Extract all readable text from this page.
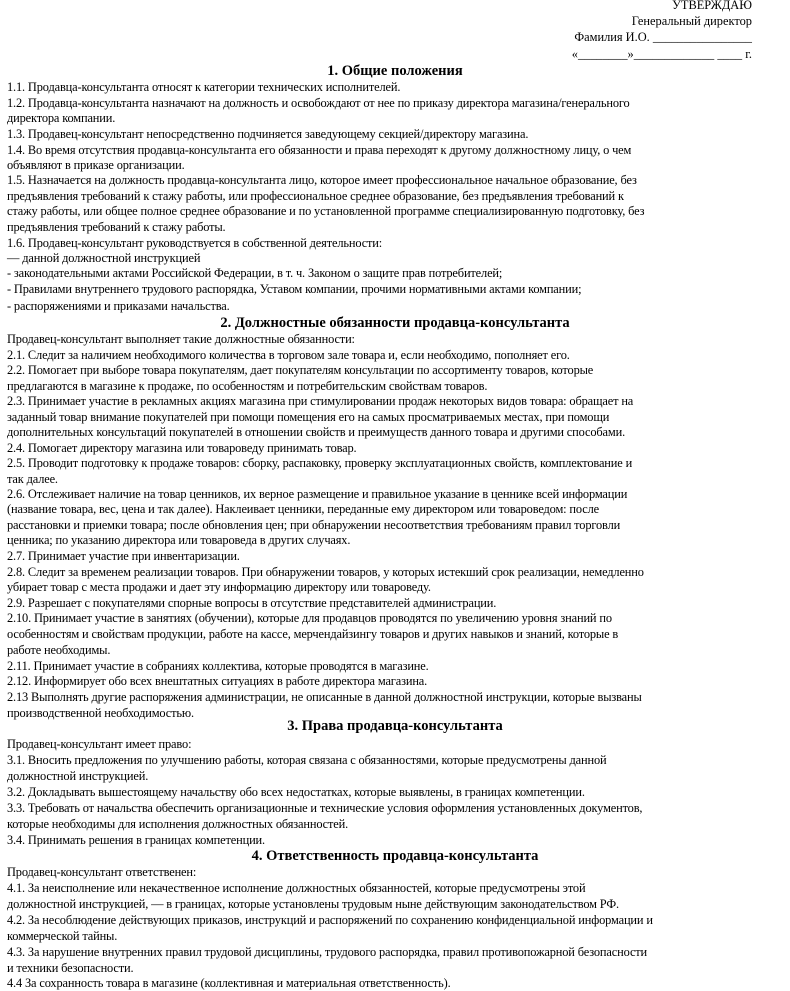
УТВЕРЖДАЮ
Генеральный директор
Фамилия И.О. ________________
«________»_____________ ____ г.
1. Общие положения
1.1. Продавца-консультанта относят к категории технических исполнителей.
1.2. Продавца-консультанта назначают на должность и освобождают от нее по приказу директора магазина/генерального
директора компании.
1.3. Продавец-консультант непосредственно подчиняется заведующему секцией/директору магазина.
1.4. Во время отсутствия продавца-консультанта его обязанности и права переходят к другому должностному лицу, о чем
объявляют в приказе организации.
1.5. Назначается на должность продавца-консультанта лицо, которое имеет профессиональное начальное образование, без
предъявления требований к стажу работы, или профессиональное среднее образование, без предъявления требований к
стажу работы, или общее полное среднее образование и по установленной программе специализированную подготовку, без
предъявления требований к стажу работы.
1.6. Продавец-консультант руководствуется в собственной деятельности:
— данной должностной инструкцией
- законодательными актами Российской Федерации, в т. ч. Законом о защите прав потребителей;
- Правилами внутреннего трудового распорядка, Уставом компании, прочими нормативными актами компании;
- распоряжениями и приказами начальства.
2. Должностные обязанности продавца-консультанта
Продавец-консультант выполняет такие должностные обязанности:
2.1. Следит за наличием необходимого количества в торговом зале товара и, если необходимо, пополняет его.
2.2. Помогает при выборе товара покупателям, дает покупателям консультации по ассортименту товаров, которые
предлагаются в магазине к продаже, по особенностям и потребительским свойствам товаров.
2.3. Принимает участие в рекламных акциях магазина при стимулировании продаж некоторых видов товара: обращает на
заданный товар внимание покупателей при помощи помещения его на самых просматриваемых местах, при помощи
дополнительных консультаций покупателей в отношении свойств и преимуществ данного товара и другими способами.
2.4. Помогает директору магазина или товароведу принимать товар.
2.5. Проводит подготовку к продаже товаров: сборку, распаковку, проверку эксплуатационных свойств, комплектование и
так далее.
2.6. Отслеживает наличие на товар ценников, их верное размещение и правильное указание в ценнике всей информации
(название товара, вес, цена и так далее). Наклеивает ценники, переданные ему директором или товароведом: после
расстановки и приемки товара; после обновления цен; при обнаружении несоответствия требованиям правил торговли
ценника; по указанию директора или товароведа в других случаях.
2.7. Принимает участие при инвентаризации.
2.8. Следит за временем реализации товаров. При обнаружении товаров, у которых истекший срок реализации, немедленно
убирает товар с места продажи и дает эту информацию директору или товароведу.
2.9. Разрешает с покупателями спорные вопросы в отсутствие представителей администрации.
2.10. Принимает участие в занятиях (обучении), которые для продавцов проводятся по увеличению уровня знаний по
особенностям и свойствам продукции, работе на кассе, мерчендайзингу товаров и других навыков и знаний, которые в
работе необходимы.
2.11. Принимает участие в собраниях коллектива, которые проводятся в магазине.
2.12. Информирует обо всех внештатных ситуациях в работе директора магазина.
2.13 Выполнять другие распоряжения администрации, не описанные в данной должностной инструкции, которые вызваны
производственной необходимостью.
3. Права продавца-консультанта
Продавец-консультант имеет право:
3.1. Вносить предложения по улучшению работы, которая связана с обязанностями, которые предусмотрены данной
должностной инструкцией.
3.2. Докладывать вышестоящему начальству обо всех недостатках, которые выявлены, в границах компетенции.
3.3. Требовать от начальства обеспечить организационные и технические условия оформления установленных документов,
которые необходимы для исполнения должностных обязанностей.
3.4. Принимать решения в границах компетенции.
4. Ответственность продавца-консультанта
Продавец-консультант ответственен:
4.1. За неисполнение или некачественное исполнение должностных обязанностей, которые предусмотрены этой
должностной инструкцией, — в границах, которые установлены трудовым ныне действующим законодательством РФ.
4.2. За несоблюдение действующих приказов, инструкций и распоряжений по сохранению конфиденциальной информации и
коммерческой тайны.
4.3. За нарушение внутренних правил трудовой дисциплины, трудового распорядка, правил противопожарной безопасности
и техники безопасности.
4.4 За сохранность товара в магазине (коллективная и материальная ответственность).
